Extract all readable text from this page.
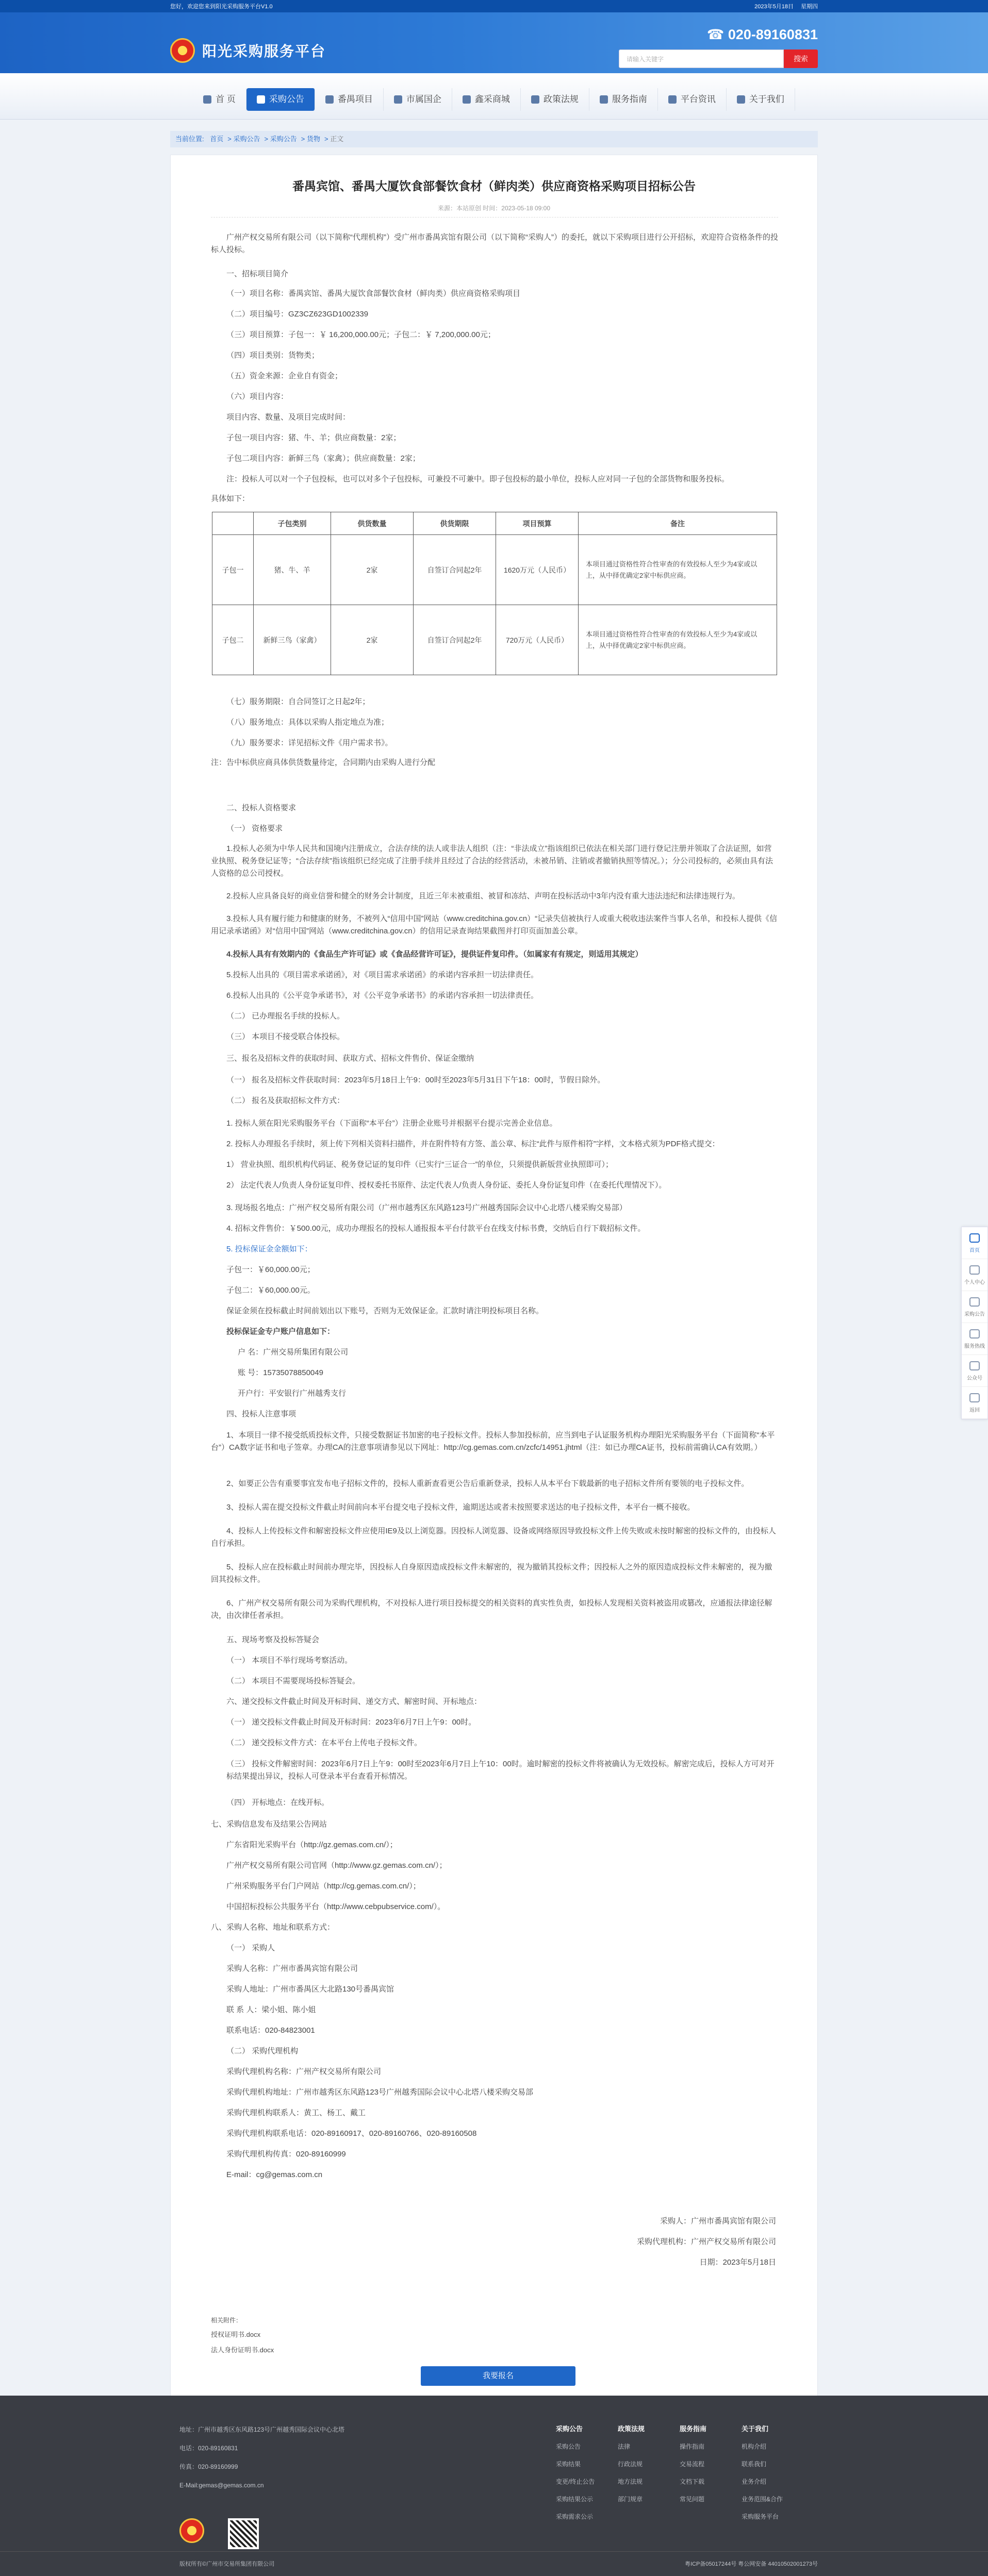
您好，欢迎您来到阳光采购服务平台V1.0	2023年5月18日 星期四
阳光采购服务平台
☎ 020-89160831
请输入关键字	搜索
首 页	采购公告	番禺项目	市属国企	鑫采商城	政策法规	服务指南	平台资讯	关于我们
当前位置: 首页 > 采购公告 > 采购公告 > 货物 > 正文
番禺宾馆、番禺大厦饮食部餐饮食材（鲜肉类）供应商资格采购项目招标公告
来源：本站原创 时间：2023-05-18 09:00
广州产权交易所有限公司（以下简称“代理机构”）受广州市番禺宾馆有限公司（以下简称“采购人”）的委托，就以下采购项目进行公开招标，欢迎符合资格条件的投标人投标。
一、招标项目简介
（一）项目名称：番禺宾馆、番禺大厦饮食部餐饮食材（鲜肉类）供应商资格采购项目
（二）项目编号：GZ3CZ623GD1002339
（三）项目预算：子包一：￥ 16,200,000.00元；子包二：￥ 7,200,000.00元；
（四）项目类别：货物类；
（五）资金来源：企业自有资金；
（六）项目内容：
项目内容、数量、及项目完成时间：
子包一项目内容：猪、牛、羊；供应商数量：2家；
子包二项目内容：新鲜三鸟（家禽）；供应商数量：2家；
注：投标人可以对一个子包投标，也可以对多个子包投标，可兼投不可兼中。即子包投标的最小单位，投标人应对同一子包的全部货物和服务投标。
具体如下：
	子包类别	供货数量	供货期限	项目预算	备注
子包一	猪、牛、羊	2家	自签订合同起2年	1620万元（人民币）	本项目通过资格性符合性审查的有效投标人至少为4家或以上，从中择优确定2家中标供应商。
子包二	新鲜三鸟（家禽）	2家	自签订合同起2年	720万元（人民币）	本项目通过资格性符合性审查的有效投标人至少为4家或以上，从中择优确定2家中标供应商。
（七）服务期限：自合同签订之日起2年；
（八）服务地点：具体以采购人指定地点为准；
（九）服务要求：详见招标文件《用户需求书》。
注：告中标供应商具体供货数量待定，合同期内由采购人进行分配
二、投标人资格要求
（一） 资格要求
1.投标人必须为中华人民共和国境内注册成立，合法存续的法人或非法人组织（注：“非法成立”指该组织已依法在相关部门进行登记注册并领取了合法证照，如营业执照、税务登记证等；“合法存续”指该组织已经完成了注册手续并且经过了合法的经营活动，未被吊销、注销或者撤销执照等情况。）；分公司投标的，必须由具有法人资格的总公司授权。
2.投标人应具备良好的商业信誉和健全的财务会计制度，且近三年未被重组、被冒和冻结、声明在投标活动中3年内没有重大违法违纪和法律违规行为。
3.投标人具有履行能力和健康的财务，不被列入“信用中国”网站（www.creditchina.gov.cn）“记录失信被执行人或重大税收违法案件当事人名单，和投标人提供《信用记录承诺函》对“信用中国”网站（www.creditchina.gov.cn）的信用记录查询结果截图并打印页面加盖公章。
4.投标人具有有效期内的《食品生产许可证》或《食品经营许可证》，提供证件复印件。（如属家有有规定，则适用其规定）
5.投标人出具的《项目需求承诺函》，对《项目需求承诺函》的承诺内容承担一切法律责任。
6.投标人出具的《公平竞争承诺书》，对《公平竞争承诺书》的承诺内容承担一切法律责任。
（二） 已办理报名手续的投标人。
（三） 本项目不接受联合体投标。
三、报名及招标文件的获取时间、获取方式、招标文件售价、保证金缴纳
（一） 报名及招标文件获取时间：2023年5月18日上午9：00时至2023年5月31日下午18：00时，节假日除外。
（二） 报名及获取招标文件方式：
1. 投标人须在阳光采购服务平台（下面称“本平台”）注册企业账号并根据平台提示完善企业信息。
2. 投标人办理报名手续时，须上传下列相关资料扫描件，并在附件特有方签、盖公章、标注“此件与原件相符”字样，文本格式须为PDF格式提交：
1） 营业执照、组织机构代码证、税务登记证的复印件（已实行“三证合一”的单位，只须提供新版营业执照即可）；
2） 法定代表人/负责人身份证复印件、授权委托书原件、法定代表人/负责人身份证、委托人身份证复印件（在委托代理情况下）。
3. 现场报名地点：广州产权交易所有限公司（广州市越秀区东风路123号广州越秀国际会议中心北塔八楼采购交易部）
4. 招标文件售价：￥500.00元，成功办理报名的投标人通报报本平台付款平台在线支付标书费，交纳后自行下载招标文件。
5. 投标保证金金额如下：
子包一：￥60,000.00元；
子包二：￥60,000.00元。
保证金须在投标截止时间前划出以下账号，否则为无效保证金。汇款时请注明投标项目名称。
投标保证金专户账户信息如下：
户 名：广州交易所集团有限公司
账 号：15735078850049
开户行：平安银行广州越秀支行
四、投标人注意事项
1、本项目一律不接受纸质投标文件，只接受数据证书加密的电子投标文件。投标人参加投标前，应当到电子认证服务机构办理阳光采购服务平台（下面简称“本平台”）CA数字证书和电子签章。办理CA的注意事项请参见以下网址：http://cg.gemas.com.cn/zcfc/14951.jhtml（注：如已办理CA证书，投标前需确认CA有效期。）
2、如要正公告有重要事宜发布电子招标文件的，投标人重新查看更公告后重新登录，投标人从本平台下载最新的电子招标文件所有要领的电子投标文件。
3、投标人需在提交投标文件截止时间前向本平台提交电子投标文件，逾期送达或者未按照要求送达的电子投标文件，本平台一概不接收。
4、投标人上传投标文件和解密投标文件应使用IE9及以上浏览器。因投标人浏览器、设备或网络原因导致投标文件上传失败或未按时解密的投标文件的，由投标人自行承担。
5、投标人应在投标截止时间前办理完毕，因投标人自身原因造成投标文件未解密的，视为撤销其投标文件；因投标人之外的原因造成投标文件未解密的，视为撤回其投标文件。
6、广州产权交易所有限公司为采购代理机构，不对投标人进行项目投标提交的相关资料的真实性负责，如投标人发现相关资料被盗用或篡改，应通报法律途径解决，由次律任者承担。
五、现场考察及投标答疑会
（一） 本项目不举行现场考察活动。
（二） 本项目不需要现场投标答疑会。
六、递交投标文件截止时间及开标时间、递交方式、解密时间、开标地点：
（一） 递交投标文件截止时间及开标时间：2023年6月7日上午9：00时。
（二） 递交投标文件方式：在本平台上传电子投标文件。
（三） 投标文件解密时间：2023年6月7日上午9：00时至2023年6月7日上午10：00时。逾时解密的投标文件将被确认为无效投标。解密完成后，投标人方可对开标结果提出异议，投标人可登录本平台查看开标情况。
（四） 开标地点：在线开标。
七、采购信息发布及结果公告网站
广东省阳光采购平台（http://gz.gemas.com.cn/）；
广州产权交易所有限公司官网（http://www.gz.gemas.com.cn/）；
广州采购服务平台门户网站（http://cg.gemas.com.cn/）；
中国招标投标公共服务平台（http://www.cebpubservice.com/）。
八、采购人名称、地址和联系方式：
（一） 采购人
采购人名称：广州市番禺宾馆有限公司
采购人地址：广州市番禺区大北路130号番禺宾馆
联 系 人：梁小姐、陈小姐
联系电话：020-84823001
（二） 采购代理机构
采购代理机构名称：广州产权交易所有限公司
采购代理机构地址：广州市越秀区东风路123号广州越秀国际会议中心北塔八楼采购交易部
采购代理机构联系人：黄工、杨工、戴工
采购代理机构联系电话：020-89160917、020-89160766、020-89160508
采购代理机构传真：020-89160999
E-mail：cg@gemas.com.cn
采购人：广州市番禺宾馆有限公司
采购代理机构：广州产权交易所有限公司
日期：2023年5月18日
相关附件：
授权证明书.docx
法人身份证明书.docx
我要报名
首页
个人中心
采购公告
服务热线
公众号
返回
地址：广州市越秀区东风路123号广州越秀国际会议中心北塔
电话：020-89160831
传真：020-89160999
E-Mail:gemas@gemas.com.cn
采购公告
采购公告
采购结果
变更/终止公告
采购结果公示
采购需求公示
政策法规
法律
行政法规
地方法规
部门规章
服务指南
操作指南
交易流程
文档下载
常见问题
关于我们
机构介绍
联系我们
业务介绍
业务范围&合作
采购服务平台
版权所有©广州市交易所集团有限公司	粤ICP备05017244号 粤公网安备 44010502001273号
